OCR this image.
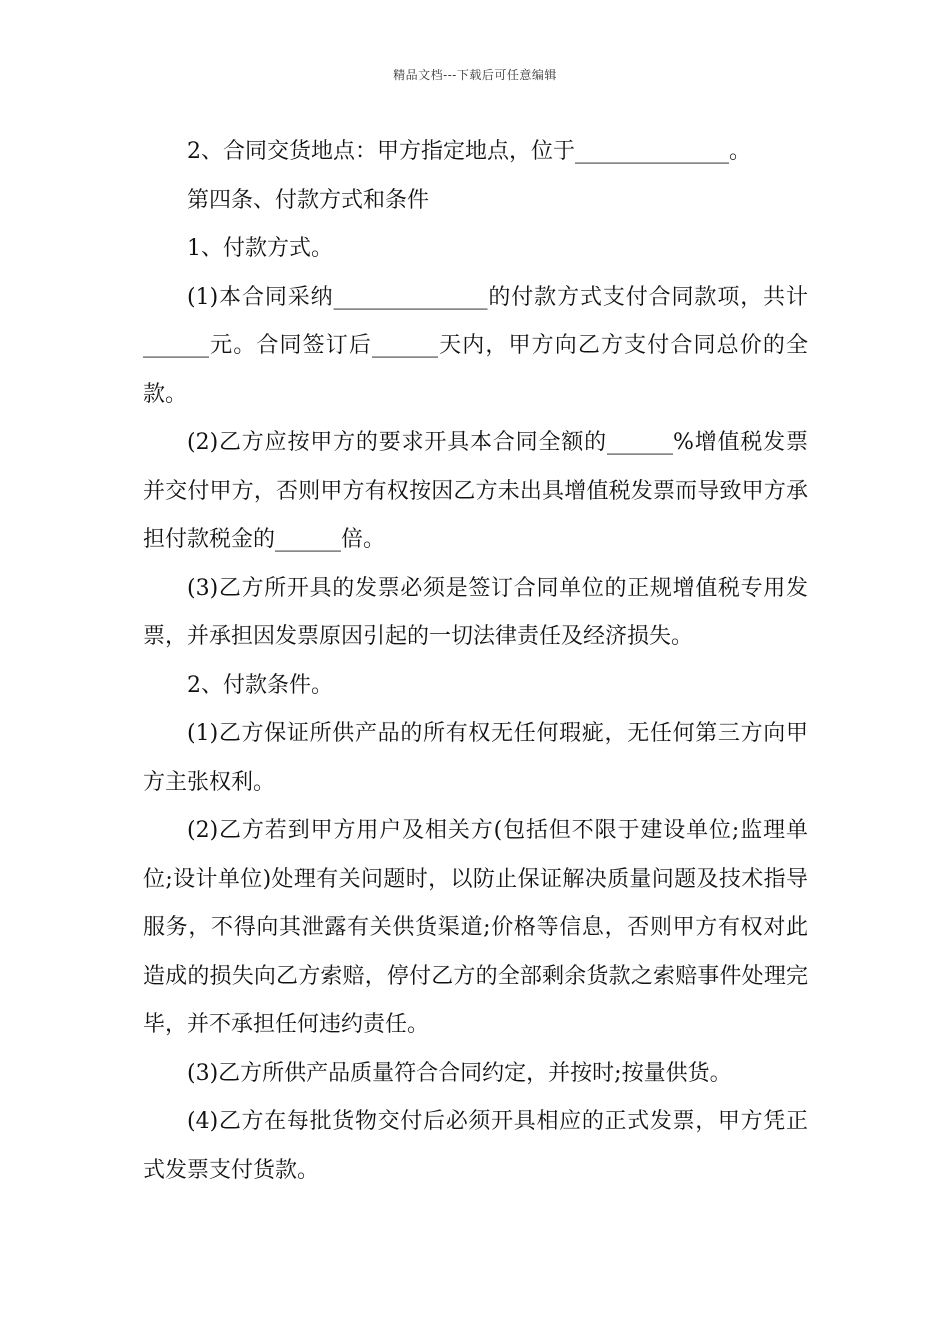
精品文档---下载后可任意编辑

2、合同交货地点：甲方指定地点，位于______________。

第四条、付款方式和条件

1、付款方式。

(1)本合同采纳______________的付款方式支付合同款项，共计______元。合同签订后______天内，甲方向乙方支付合同总价的全款。

(2)乙方应按甲方的要求开具本合同全额的______%增值税发票并交付甲方，否则甲方有权按因乙方未出具增值税发票而导致甲方承担付款税金的______倍。

(3)乙方所开具的发票必须是签订合同单位的正规增值税专用发票，并承担因发票原因引起的一切法律责任及经济损失。

2、付款条件。

(1)乙方保证所供产品的所有权无任何瑕疵，无任何第三方向甲方主张权利。

(2)乙方若到甲方用户及相关方(包括但不限于建设单位;监理单位;设计单位)处理有关问题时，以防止保证解决质量问题及技术指导服务，不得向其泄露有关供货渠道;价格等信息，否则甲方有权对此造成的损失向乙方索赔，停付乙方的全部剩余货款之索赔事件处理完毕，并不承担任何违约责任。

(3)乙方所供产品质量符合合同约定，并按时;按量供货。

(4)乙方在每批货物交付后必须开具相应的正式发票，甲方凭正式发票支付货款。
